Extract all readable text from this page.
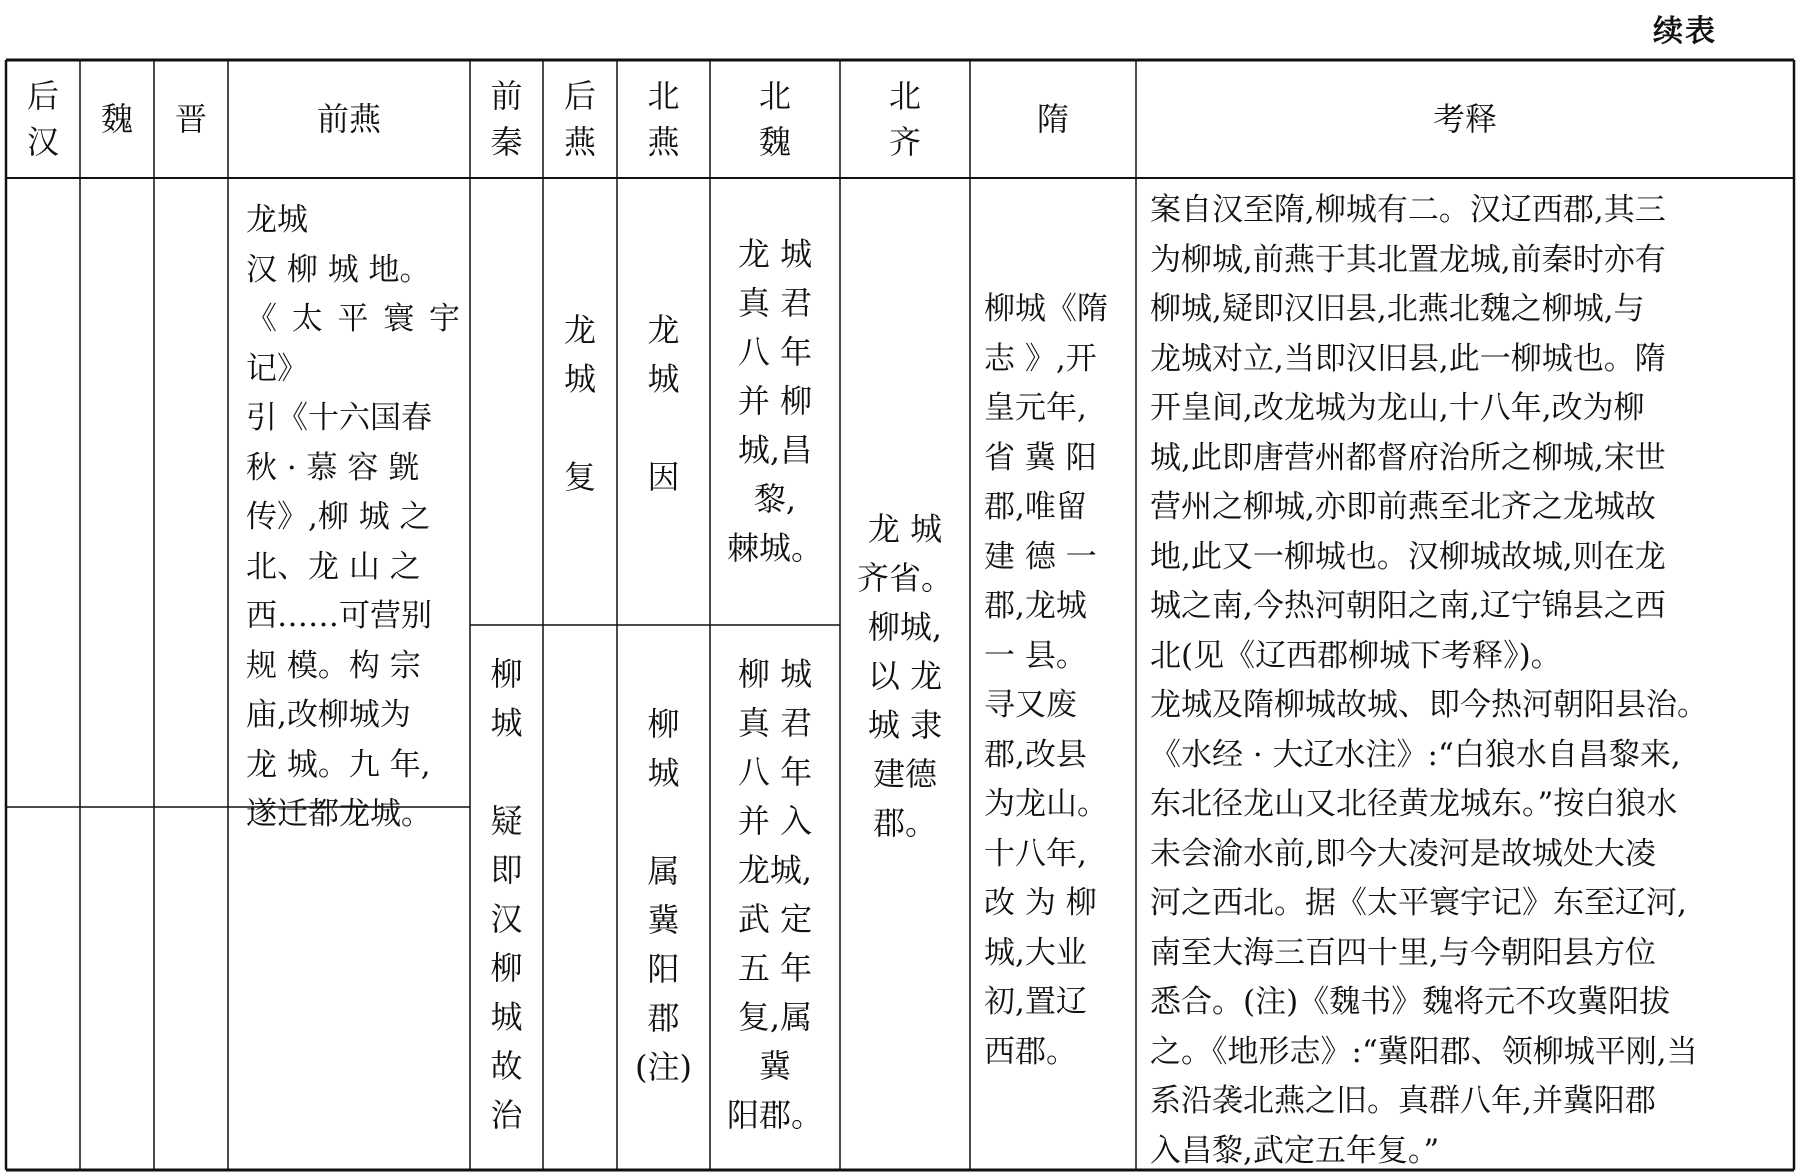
续表
后
汉
魏 晋	前燕
前
秦
后
燕
北
燕
北
魏
北
齐
隋	考释
龙城
汉 柳 城 地。
《太平寰宇记》
引《十六国春
秋 · 慕 容 皝
传》,柳 城 之
北、龙 山 之
西……可营别
规 模。构 宗
庙,改柳城为
龙 城。九 年,
遂迁都龙城。
龙
城

复
龙
城

因
龙 城
真 君
八 年
并 柳
城,昌
黎,
棘城。
柳
城

疑
即
汉
柳
城
故
治
柳
城

属
冀
阳
郡
(注)
柳 城
真 君
八 年
并 入
龙城,
武 定
五 年
复,属
冀
阳郡。
龙 城
齐省。
柳城,
以 龙
城 隶
建德
郡。
柳城《隋
志 》,开
皇元年,
省 冀 阳
郡,唯留
建 德 一
郡,龙城
一 县。
寻又废
郡,改县
为龙山。
十八年,
改 为 柳
城,大业
初,置辽
西郡。
案自汉至隋,柳城有二。汉辽西郡,其三
为柳城,前燕于其北置龙城,前秦时亦有
柳城,疑即汉旧县,北燕北魏之柳城,与
龙城对立,当即汉旧县,此一柳城也。隋
开皇间,改龙城为龙山,十八年,改为柳
城,此即唐营州都督府治所之柳城,宋世
营州之柳城,亦即前燕至北齐之龙城故
地,此又一柳城也。汉柳城故城,则在龙
城之南,今热河朝阳之南,辽宁锦县之西
北(见《辽西郡柳城下考释》)。
龙城及隋柳城故城、即今热河朝阳县治。
《水经 · 大辽水注》:“白狼水自昌黎来,
东北径龙山又北径黄龙城东。”按白狼水
未会渝水前,即今大凌河是故城处大凌
河之西北。据《太平寰宇记》东至辽河,
南至大海三百四十里,与今朝阳县方位
悉合。(注)《魏书》魏将元不攻冀阳拔
之。《地形志》:“冀阳郡、领柳城平刚,当
系沿袭北燕之旧。真群八年,并冀阳郡
入昌黎,武定五年复。”
